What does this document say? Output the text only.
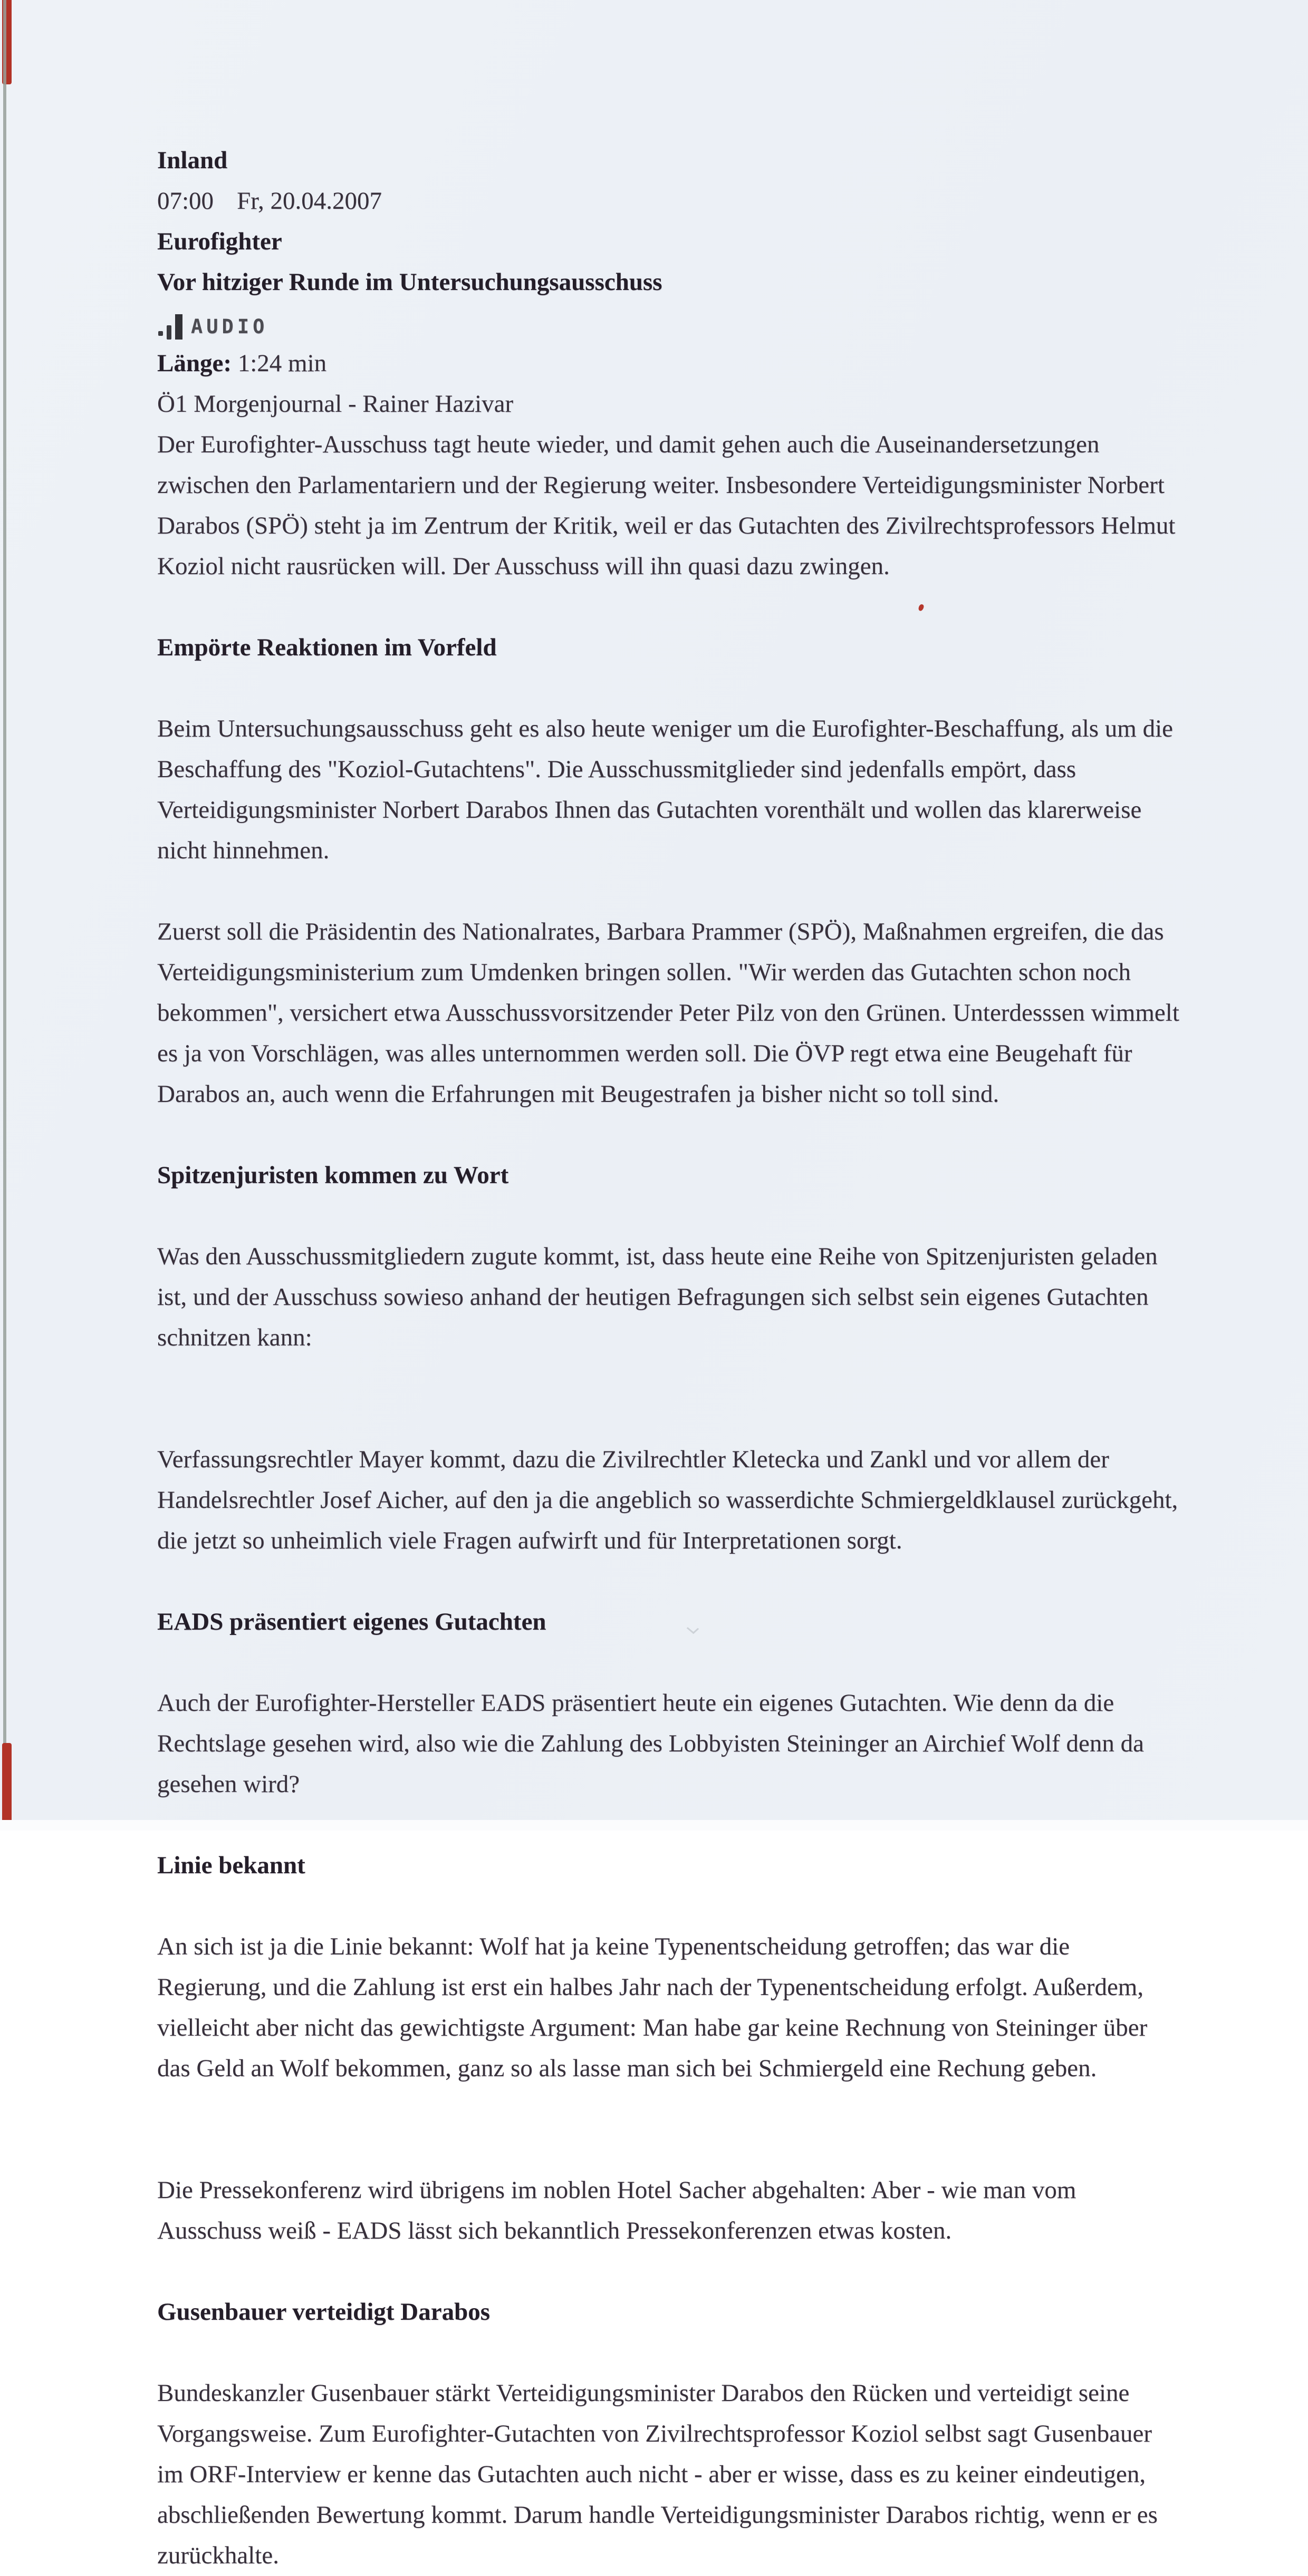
Inland
07:00 Fr, 20.04.2007
Eurofighter
Vor hitziger Runde im Untersuchungsausschuss
AUDIO
Länge: 1:24 min
Ö1 Morgenjournal - Rainer Hazivar

Der Eurofighter-Ausschuss tagt heute wieder, und damit gehen auch die Auseinandersetzungen zwischen den Parlamentariern und der Regierung weiter. Insbesondere Verteidigungsminister Norbert Darabos (SPÖ) steht ja im Zentrum der Kritik, weil er das Gutachten des Zivilrechtsprofessors Helmut Koziol nicht rausrücken will. Der Ausschuss will ihn quasi dazu zwingen.

Empörte Reaktionen im Vorfeld

Beim Untersuchungsausschuss geht es also heute weniger um die Eurofighter-Beschaffung, als um die Beschaffung des "Koziol-Gutachtens". Die Ausschussmitglieder sind jedenfalls empört, dass Verteidigungsminister Norbert Darabos Ihnen das Gutachten vorenthält und wollen das klarerweise nicht hinnehmen.

Zuerst soll die Präsidentin des Nationalrates, Barbara Prammer (SPÖ), Maßnahmen ergreifen, die das Verteidigungsministerium zum Umdenken bringen sollen. "Wir werden das Gutachten schon noch bekommen", versichert etwa Ausschussvorsitzender Peter Pilz von den Grünen. Unterdesssen wimmelt es ja von Vorschlägen, was alles unternommen werden soll. Die ÖVP regt etwa eine Beugehaft für Darabos an, auch wenn die Erfahrungen mit Beugestrafen ja bisher nicht so toll sind.

Spitzenjuristen kommen zu Wort

Was den Ausschussmitgliedern zugute kommt, ist, dass heute eine Reihe von Spitzenjuristen geladen ist, und der Ausschuss sowieso anhand der heutigen Befragungen sich selbst sein eigenes Gutachten schnitzen kann:

Verfassungsrechtler Mayer kommt, dazu die Zivilrechtler Kletecka und Zankl und vor allem der Handelsrechtler Josef Aicher, auf den ja die angeblich so wasserdichte Schmiergeldklausel zurückgeht, die jetzt so unheimlich viele Fragen aufwirft und für Interpretationen sorgt.

EADS präsentiert eigenes Gutachten

Auch der Eurofighter-Hersteller EADS präsentiert heute ein eigenes Gutachten. Wie denn da die Rechtslage gesehen wird, also wie die Zahlung des Lobbyisten Steininger an Airchief Wolf denn da gesehen wird?

Linie bekannt

An sich ist ja die Linie bekannt: Wolf hat ja keine Typenentscheidung getroffen; das war die Regierung, und die Zahlung ist erst ein halbes Jahr nach der Typenentscheidung erfolgt. Außerdem, vielleicht aber nicht das gewichtigste Argument: Man habe gar keine Rechnung von Steininger über das Geld an Wolf bekommen, ganz so als lasse man sich bei Schmiergeld eine Rechung geben.

Die Pressekonferenz wird übrigens im noblen Hotel Sacher abgehalten: Aber - wie man vom Ausschuss weiß - EADS lässt sich bekanntlich Pressekonferenzen etwas kosten.

Gusenbauer verteidigt Darabos

Bundeskanzler Gusenbauer stärkt Verteidigungsminister Darabos den Rücken und verteidigt seine Vorgangsweise. Zum Eurofighter-Gutachten von Zivilrechtsprofessor Koziol selbst sagt Gusenbauer im ORF-Interview er kenne das Gutachten auch nicht - aber er wisse, dass es zu keiner eindeutigen, abschließenden Bewertung kommt. Darum handle Verteidigungsminister Darabos richtig, wenn er es zurückhalte.
